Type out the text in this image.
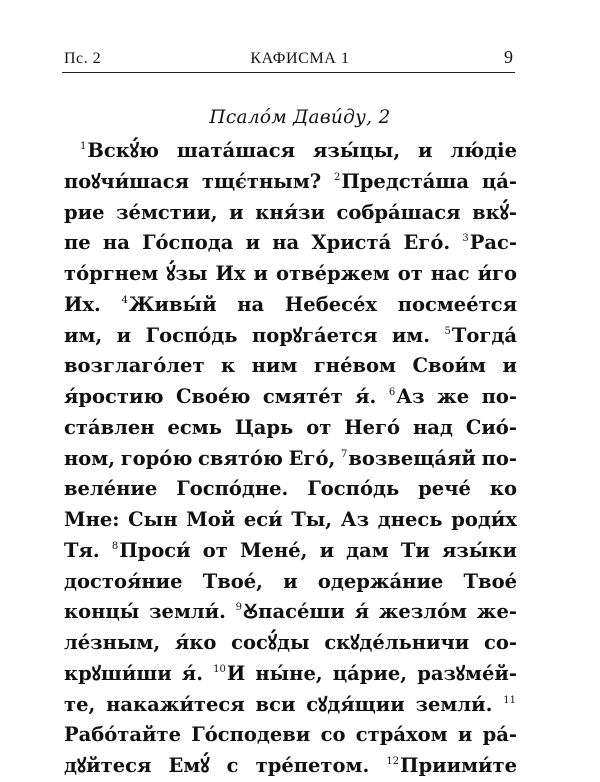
Пс. 2	КАФИСМА 1	9
Псало́м Дави́ду, 2
$^1$Вскꙋ́ю шата́шася язы́цы, и лю́діе
поꙋчи́шася тщє́тным? $^2$Предста́ша ца́-
рие зе́мстии, и кня́зи собра́шася вкꙋ́-
пе на Го́спода и на Христа́ Его́. $^3$Рас-
то́ргнем ꙋ́зы Их и отве́ржем от нас и́го
Их. $^4$Живы́й на Небесе́х посмее́тся
им, и Госпо́дь порꙋга́ется им. $^5$Тогда́
возглаго́лет к ним гне́вом Свои́м и
я́ростию Свое́ю смяте́т я́. $^6$Аз же по-
ста́влен есмь Царь от Него́ над Сио́-
ном, горо́ю свято́ю Его́, $^7$возвеща́яй по-
веле́ние Госпо́дне. Госпо́дь рече́ ко
Мне: Сын Мой еси́ Ты, Аз днесь роди́х
Тя. $^8$Проси́ от Мене́, и дам Ти язы́ки
достоя́ние Твое́, и одержа́ние Твое́
концы́ земли́. $^9$Ꙋпасе́ши я́ жезло́м же-
ле́зным, я́ко сосꙋ́ды скꙋде́льничи со-
крꙋши́ши я́. $^{10}$И ны́не, ца́рие, разꙋме́й-
те, накажи́теся вси сꙋдя́щии земли́. $^{11}$
Рабо́тайте Го́сподеви со стра́хом и ра́-
дꙋйтеся Емꙋ́ с тре́петом. $^{12}$Приими́те
